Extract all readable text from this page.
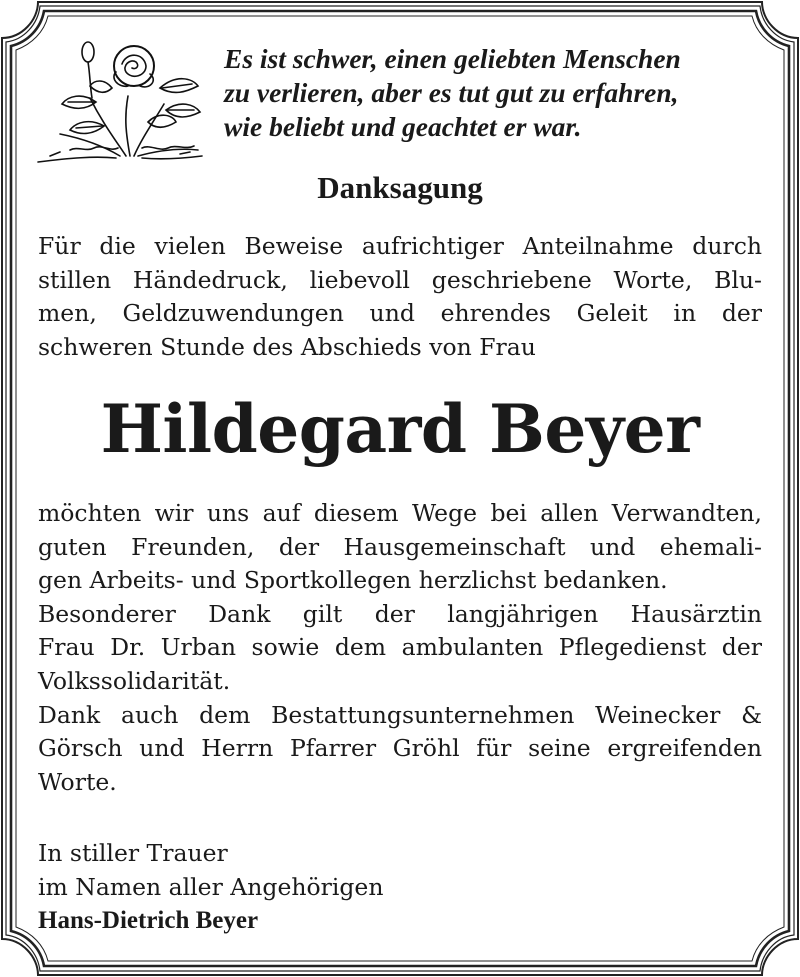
Es ist schwer, einen geliebten Menschen
zu verlieren, aber es tut gut zu erfahren,
wie beliebt und geachtet er war.
Danksagung
Für die vielen Beweise aufrichtiger Anteilnahme durch
stillen Händedruck, liebevoll geschriebene Worte, Blu-
men, Geldzuwendungen und ehrendes Geleit in der
schweren Stunde des Abschieds von Frau
Hildegard Beyer
möchten wir uns auf diesem Wege bei allen Verwandten,
guten Freunden, der Hausgemeinschaft und ehemali-
gen Arbeits- und Sportkollegen herzlichst bedanken.
Besonderer Dank gilt der langjährigen Hausärztin
Frau Dr. Urban sowie dem ambulanten Pflegedienst der
Volkssolidarität.
Dank auch dem Bestattungsunternehmen Weinecker &
Görsch und Herrn Pfarrer Gröhl für seine ergreifenden
Worte.
In stiller Trauer
im Namen aller Angehörigen
Hans-Dietrich Beyer
